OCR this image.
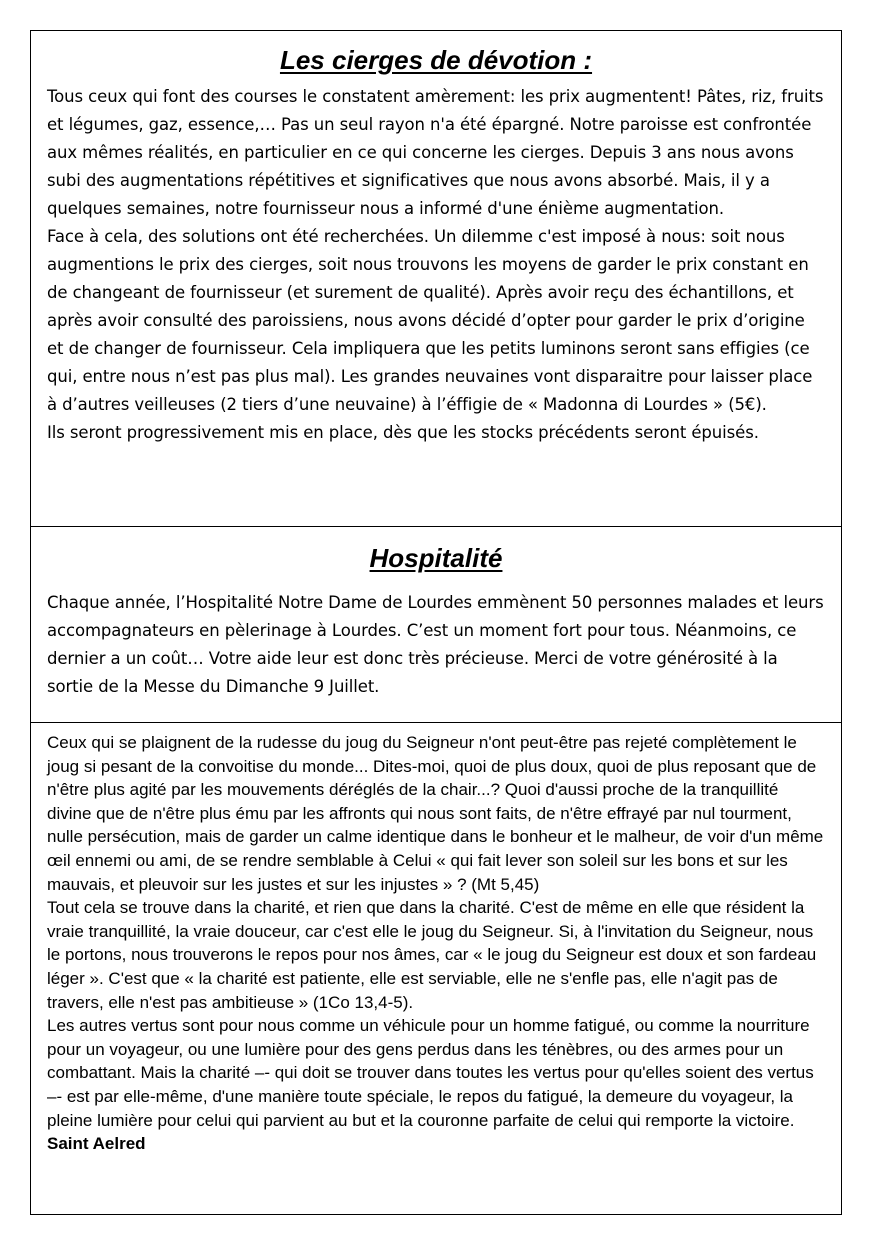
Les cierges de dévotion :

Tous ceux qui font des courses le constatent amèrement: les prix augmentent! Pâtes, riz, fruits et légumes, gaz, essence,… Pas un seul rayon n'a été épargné. Notre paroisse est confrontée aux mêmes réalités, en particulier en ce qui concerne les cierges. Depuis 3 ans nous avons subi des augmentations répétitives et significatives que nous avons absorbé. Mais, il y a quelques semaines, notre fournisseur nous a informé d'une énième augmentation.

Face à cela, des solutions ont été recherchées. Un dilemme c'est imposé à nous: soit nous augmentions le prix des cierges, soit nous trouvons les moyens de garder le prix constant en de changeant de fournisseur (et surement de qualité). Après avoir reçu des échantillons, et après avoir consulté des paroissiens, nous avons décidé d’opter pour garder le prix d’origine et de changer de fournisseur. Cela impliquera que les petits luminons seront sans effigies (ce qui, entre nous n’est pas plus mal). Les grandes neuvaines vont disparaitre pour laisser place à d’autres veilleuses (2 tiers d’une neuvaine) à l’éffigie de « Madonna di Lourdes » (5€).

Ils seront progressivement mis en place, dès que les stocks précédents seront épuisés.

Hospitalité

Chaque année, l’Hospitalité Notre Dame de Lourdes emmènent 50 personnes malades et leurs accompagnateurs en pèlerinage à Lourdes. C’est un moment fort pour tous. Néanmoins, ce dernier a un coût… Votre aide leur est donc très précieuse. Merci de votre générosité à la sortie de la Messe du Dimanche 9 Juillet.

Ceux qui se plaignent de la rudesse du joug du Seigneur n'ont peut-être pas rejeté complètement le joug si pesant de la convoitise du monde... Dites-moi, quoi de plus doux, quoi de plus reposant que de n'être plus agité par les mouvements déréglés de la chair...? Quoi d'aussi proche de la tranquillité divine que de n'être plus ému par les affronts qui nous sont faits, de n'être effrayé par nul tourment, nulle persécution, mais de garder un calme identique dans le bonheur et le malheur, de voir d'un même œil ennemi ou ami, de se rendre semblable à Celui « qui fait lever son soleil sur les bons et sur les mauvais, et pleuvoir sur les justes et sur les injustes » ? (Mt 5,45)

Tout cela se trouve dans la charité, et rien que dans la charité. C'est de même en elle que résident la vraie tranquillité, la vraie douceur, car c'est elle le joug du Seigneur. Si, à l'invitation du Seigneur, nous le portons, nous trouverons le repos pour nos âmes, car « le joug du Seigneur est doux et son fardeau léger ». C'est que « la charité est patiente, elle est serviable, elle ne s'enfle pas, elle n'agit pas de travers, elle n'est pas ambitieuse » (1Co 13,4-5).

Les autres vertus sont pour nous comme un véhicule pour un homme fatigué, ou comme la nourriture pour un voyageur, ou une lumière pour des gens perdus dans les ténèbres, ou des armes pour un combattant. Mais la charité –- qui doit se trouver dans toutes les vertus pour qu'elles soient des vertus –- est par elle-même, d'une manière toute spéciale, le repos du fatigué, la demeure du voyageur, la pleine lumière pour celui qui parvient au but et la couronne parfaite de celui qui remporte la victoire. Saint Aelred
